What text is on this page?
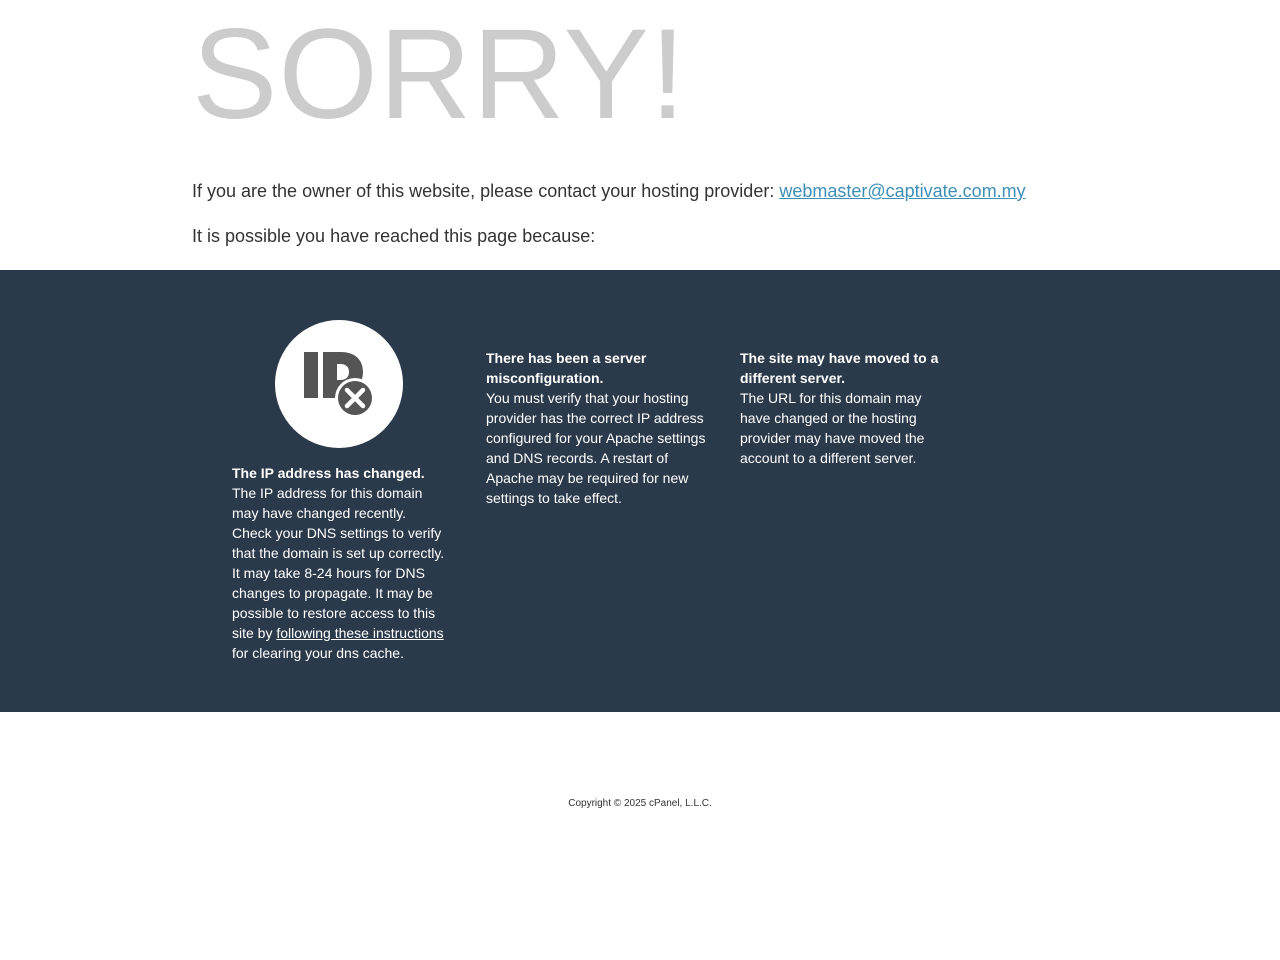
SORRY!
If you are the owner of this website, please contact your hosting provider: webmaster@captivate.com.my
It is possible you have reached this page because:
The IP address has changed.
The IP address for this domain may have changed recently. Check your DNS settings to verify that the domain is set up correctly. It may take 8-24 hours for DNS changes to propagate. It may be possible to restore access to this site by following these instructions for clearing your dns cache.
There has been a server misconfiguration.
You must verify that your hosting provider has the correct IP address configured for your Apache settings and DNS records. A restart of Apache may be required for new settings to take effect.
The site may have moved to a different server.
The URL for this domain may have changed or the hosting provider may have moved the account to a different server.
Copyright © 2025 cPanel, L.L.C.
